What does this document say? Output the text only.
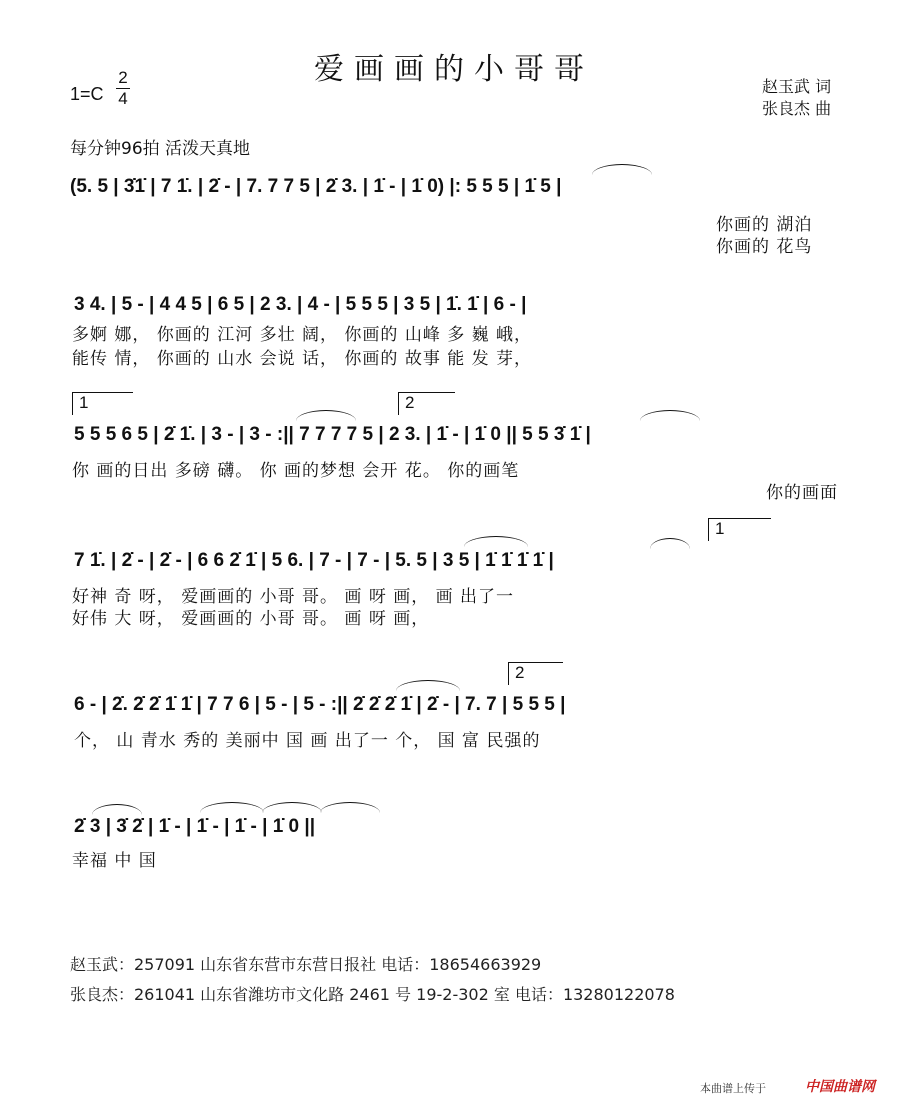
爱画画的小哥哥
1=C
2
4
赵玉武 词
张良杰 曲
每分钟96拍 活泼天真地
(5. 5 | 3̇1̇ | 7 1̇. | 2̇ - | 7. 7 7 5 | 2̇ 3. | 1̇ - | 1̇ 0) |: 5 5 5 | 1̇ 5 |
你画的 湖泊
你画的 花鸟
3 4. | 5 - | 4 4 5 | 6 5 | 2 3. | 4 - | 5 5 5 | 3 5 | 1̇. 1̇ | 6 - |
多婀 娜， 你画的 江河 多壮 阔， 你画的 山峰 多 巍 峨，
能传 情， 你画的 山水 会说 话， 你画的 故事 能 发 芽，
1	2
5 5 5 6 5 | 2̇ 1̇. | 3 - | 3 - :|| 7 7 7 7 5 | 2 3. | 1̇ - | 1̇ 0 || 5 5 3̇ 1̇ |
你 画的日出 多磅 礴。 你 画的梦想 会开 花。 你的画笔
你的画面
1
7 1̇. | 2̇ - | 2̇ - | 6 6 2̇ 1̇ | 5 6. | 7 - | 7 - | 5. 5 | 3 5 | 1̇ 1̇ 1̇ 1̇ |
好神 奇 呀， 爱画画的 小哥 哥。 画 呀 画， 画 出了一
好伟 大 呀， 爱画画的 小哥 哥。 画 呀 画，
2
6 - | 2̇. 2̇ 2̇ 1̇ 1̇ | 7 7 6 | 5 - | 5 - :|| 2̇ 2̇ 2̇ 1̇ | 2̇ - | 7. 7 | 5 5 5 |
个， 山 青水 秀的 美丽中 国 画 出了一 个， 国 富 民强的
2̇ 3 | 3̇ 2̇ | 1̇ - | 1̇ - | 1̇ - | 1̇ 0 ||
幸福 中 国
赵玉武：257091 山东省东营市东营日报社 电话：18654663929
张良杰：261041 山东省潍坊市文化路 2461 号 19-2-302 室 电话：13280122078
本曲谱上传于	中国曲谱网
